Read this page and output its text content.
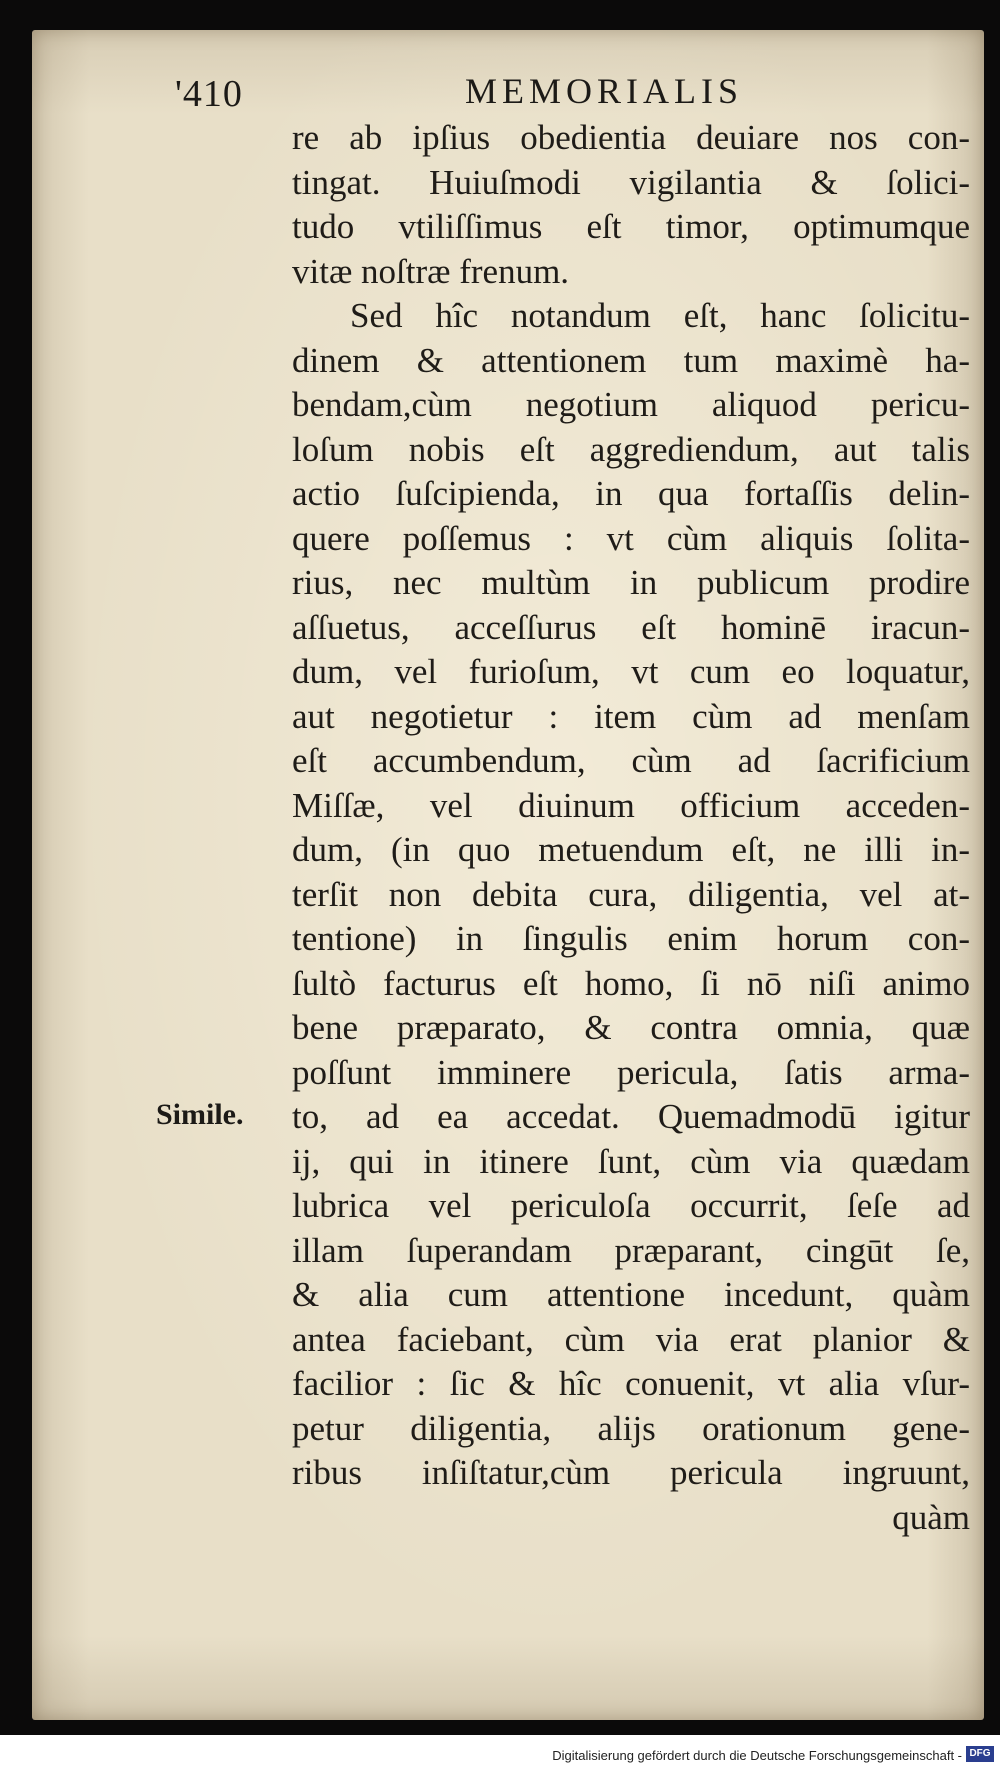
'410	MEMORIALIS
Simile.
re ab ipſius obedientia deuiare nos con-
tingat. Huiuſmodi vigilantia & ſolici-
tudo vtiliſſimus eſt timor, optimumque
vitæ noſtræ frenum.
Sed hîc notandum eſt, hanc ſolicitu-
dinem & attentionem tum maximè ha-
bendam,cùm negotium aliquod pericu-
loſum nobis eſt aggrediendum, aut talis
actio ſuſcipienda, in qua fortaſſis delin-
quere poſſemus : vt cùm aliquis ſolita-
rius, nec multùm in publicum prodire
aſſuetus, acceſſurus eſt hominē iracun-
dum, vel furioſum, vt cum eo loquatur,
aut negotietur : item cùm ad menſam
eſt accumbendum, cùm ad ſacrificium
Miſſæ, vel diuinum officium acceden-
dum, (in quo metuendum eſt, ne illi in-
terſit non debita cura, diligentia, vel at-
tentione) in ſingulis enim horum con-
ſultò facturus eſt homo, ſi nō niſi animo
bene præparato, & contra omnia, quæ
poſſunt imminere pericula, ſatis arma-
to, ad ea accedat. Quemadmodū igitur
ij, qui in itinere ſunt, cùm via quædam
lubrica vel periculoſa occurrit, ſeſe ad
illam ſuperandam præparant, cingūt ſe,
& alia cum attentione incedunt, quàm
antea faciebant, cùm via erat planior &
facilior : ſic & hîc conuenit, vt alia vſur-
petur diligentia, alijs orationum gene-
ribus inſiſtatur,cùm pericula ingruunt,
quàm
Digitalisierung gefördert durch die Deutsche Forschungsgemeinschaft - DFG
